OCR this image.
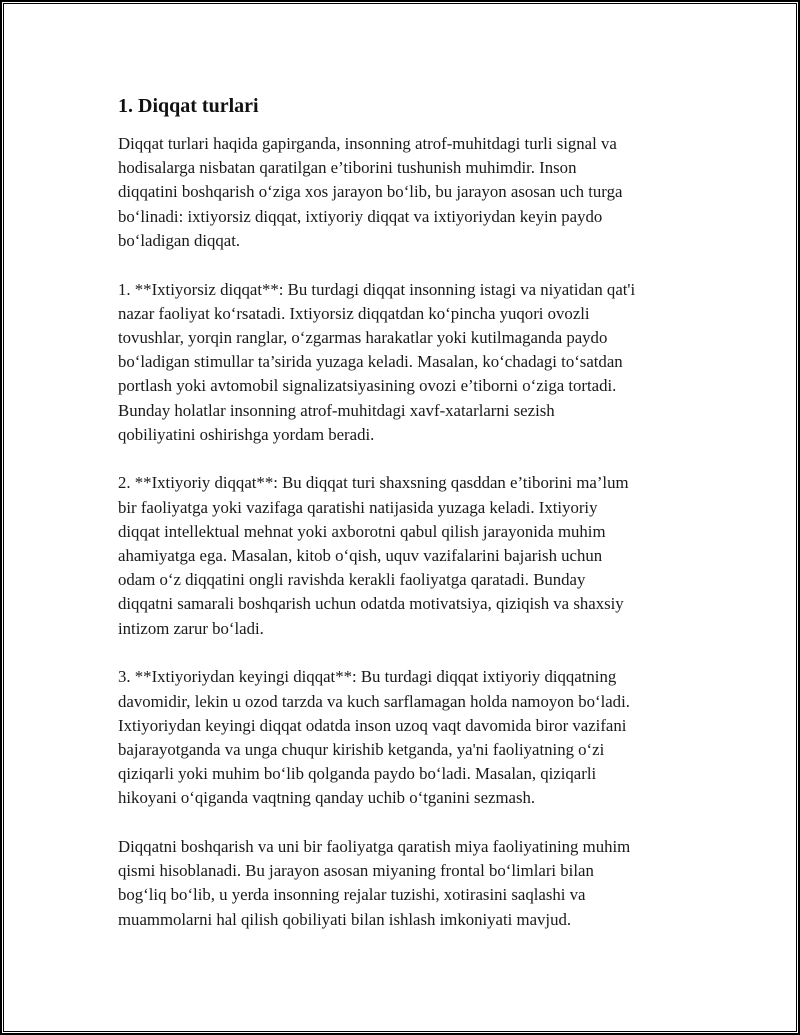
1. Diqqat turlari

Diqqat turlari haqida gapirganda, insonning atrof-muhitdagi turli signal va
hodisalarga nisbatan qaratilgan e’tiborini tushunish muhimdir. Inson
diqqatini boshqarish o‘ziga xos jarayon bo‘lib, bu jarayon asosan uch turga
bo‘linadi: ixtiyorsiz diqqat, ixtiyoriy diqqat va ixtiyoriydan keyin paydo
bo‘ladigan diqqat.

1. **Ixtiyorsiz diqqat**: Bu turdagi diqqat insonning istagi va niyatidan qat'i
nazar faoliyat ko‘rsatadi. Ixtiyorsiz diqqatdan ko‘pincha yuqori ovozli
tovushlar, yorqin ranglar, o‘zgarmas harakatlar yoki kutilmaganda paydo
bo‘ladigan stimullar ta’sirida yuzaga keladi. Masalan, ko‘chadagi to‘satdan
portlash yoki avtomobil signalizatsiyasining ovozi e’tiborni o‘ziga tortadi.
Bunday holatlar insonning atrof-muhitdagi xavf-xatarlarni sezish
qobiliyatini oshirishga yordam beradi.

2. **Ixtiyoriy diqqat**: Bu diqqat turi shaxsning qasddan e’tiborini ma’lum
bir faoliyatga yoki vazifaga qaratishi natijasida yuzaga keladi. Ixtiyoriy
diqqat intellektual mehnat yoki axborotni qabul qilish jarayonida muhim
ahamiyatga ega. Masalan, kitob o‘qish, uquv vazifalarini bajarish uchun
odam o‘z diqqatini ongli ravishda kerakli faoliyatga qaratadi. Bunday
diqqatni samarali boshqarish uchun odatda motivatsiya, qiziqish va shaxsiy
intizom zarur bo‘ladi.

3. **Ixtiyoriydan keyingi diqqat**: Bu turdagi diqqat ixtiyoriy diqqatning
davomidir, lekin u ozod tarzda va kuch sarflamagan holda namoyon bo‘ladi.
Ixtiyoriydan keyingi diqqat odatda inson uzoq vaqt davomida biror vazifani
bajarayotganda va unga chuqur kirishib ketganda, ya'ni faoliyatning o‘zi
qiziqarli yoki muhim bo‘lib qolganda paydo bo‘ladi. Masalan, qiziqarli
hikoyani o‘qiganda vaqtning qanday uchib o‘tganini sezmash.

Diqqatni boshqarish va uni bir faoliyatga qaratish miya faoliyatining muhim
qismi hisoblanadi. Bu jarayon asosan miyaning frontal bo‘limlari bilan
bog‘liq bo‘lib, u yerda insonning rejalar tuzishi, xotirasini saqlashi va
muammolarni hal qilish qobiliyati bilan ishlash imkoniyati mavjud.
